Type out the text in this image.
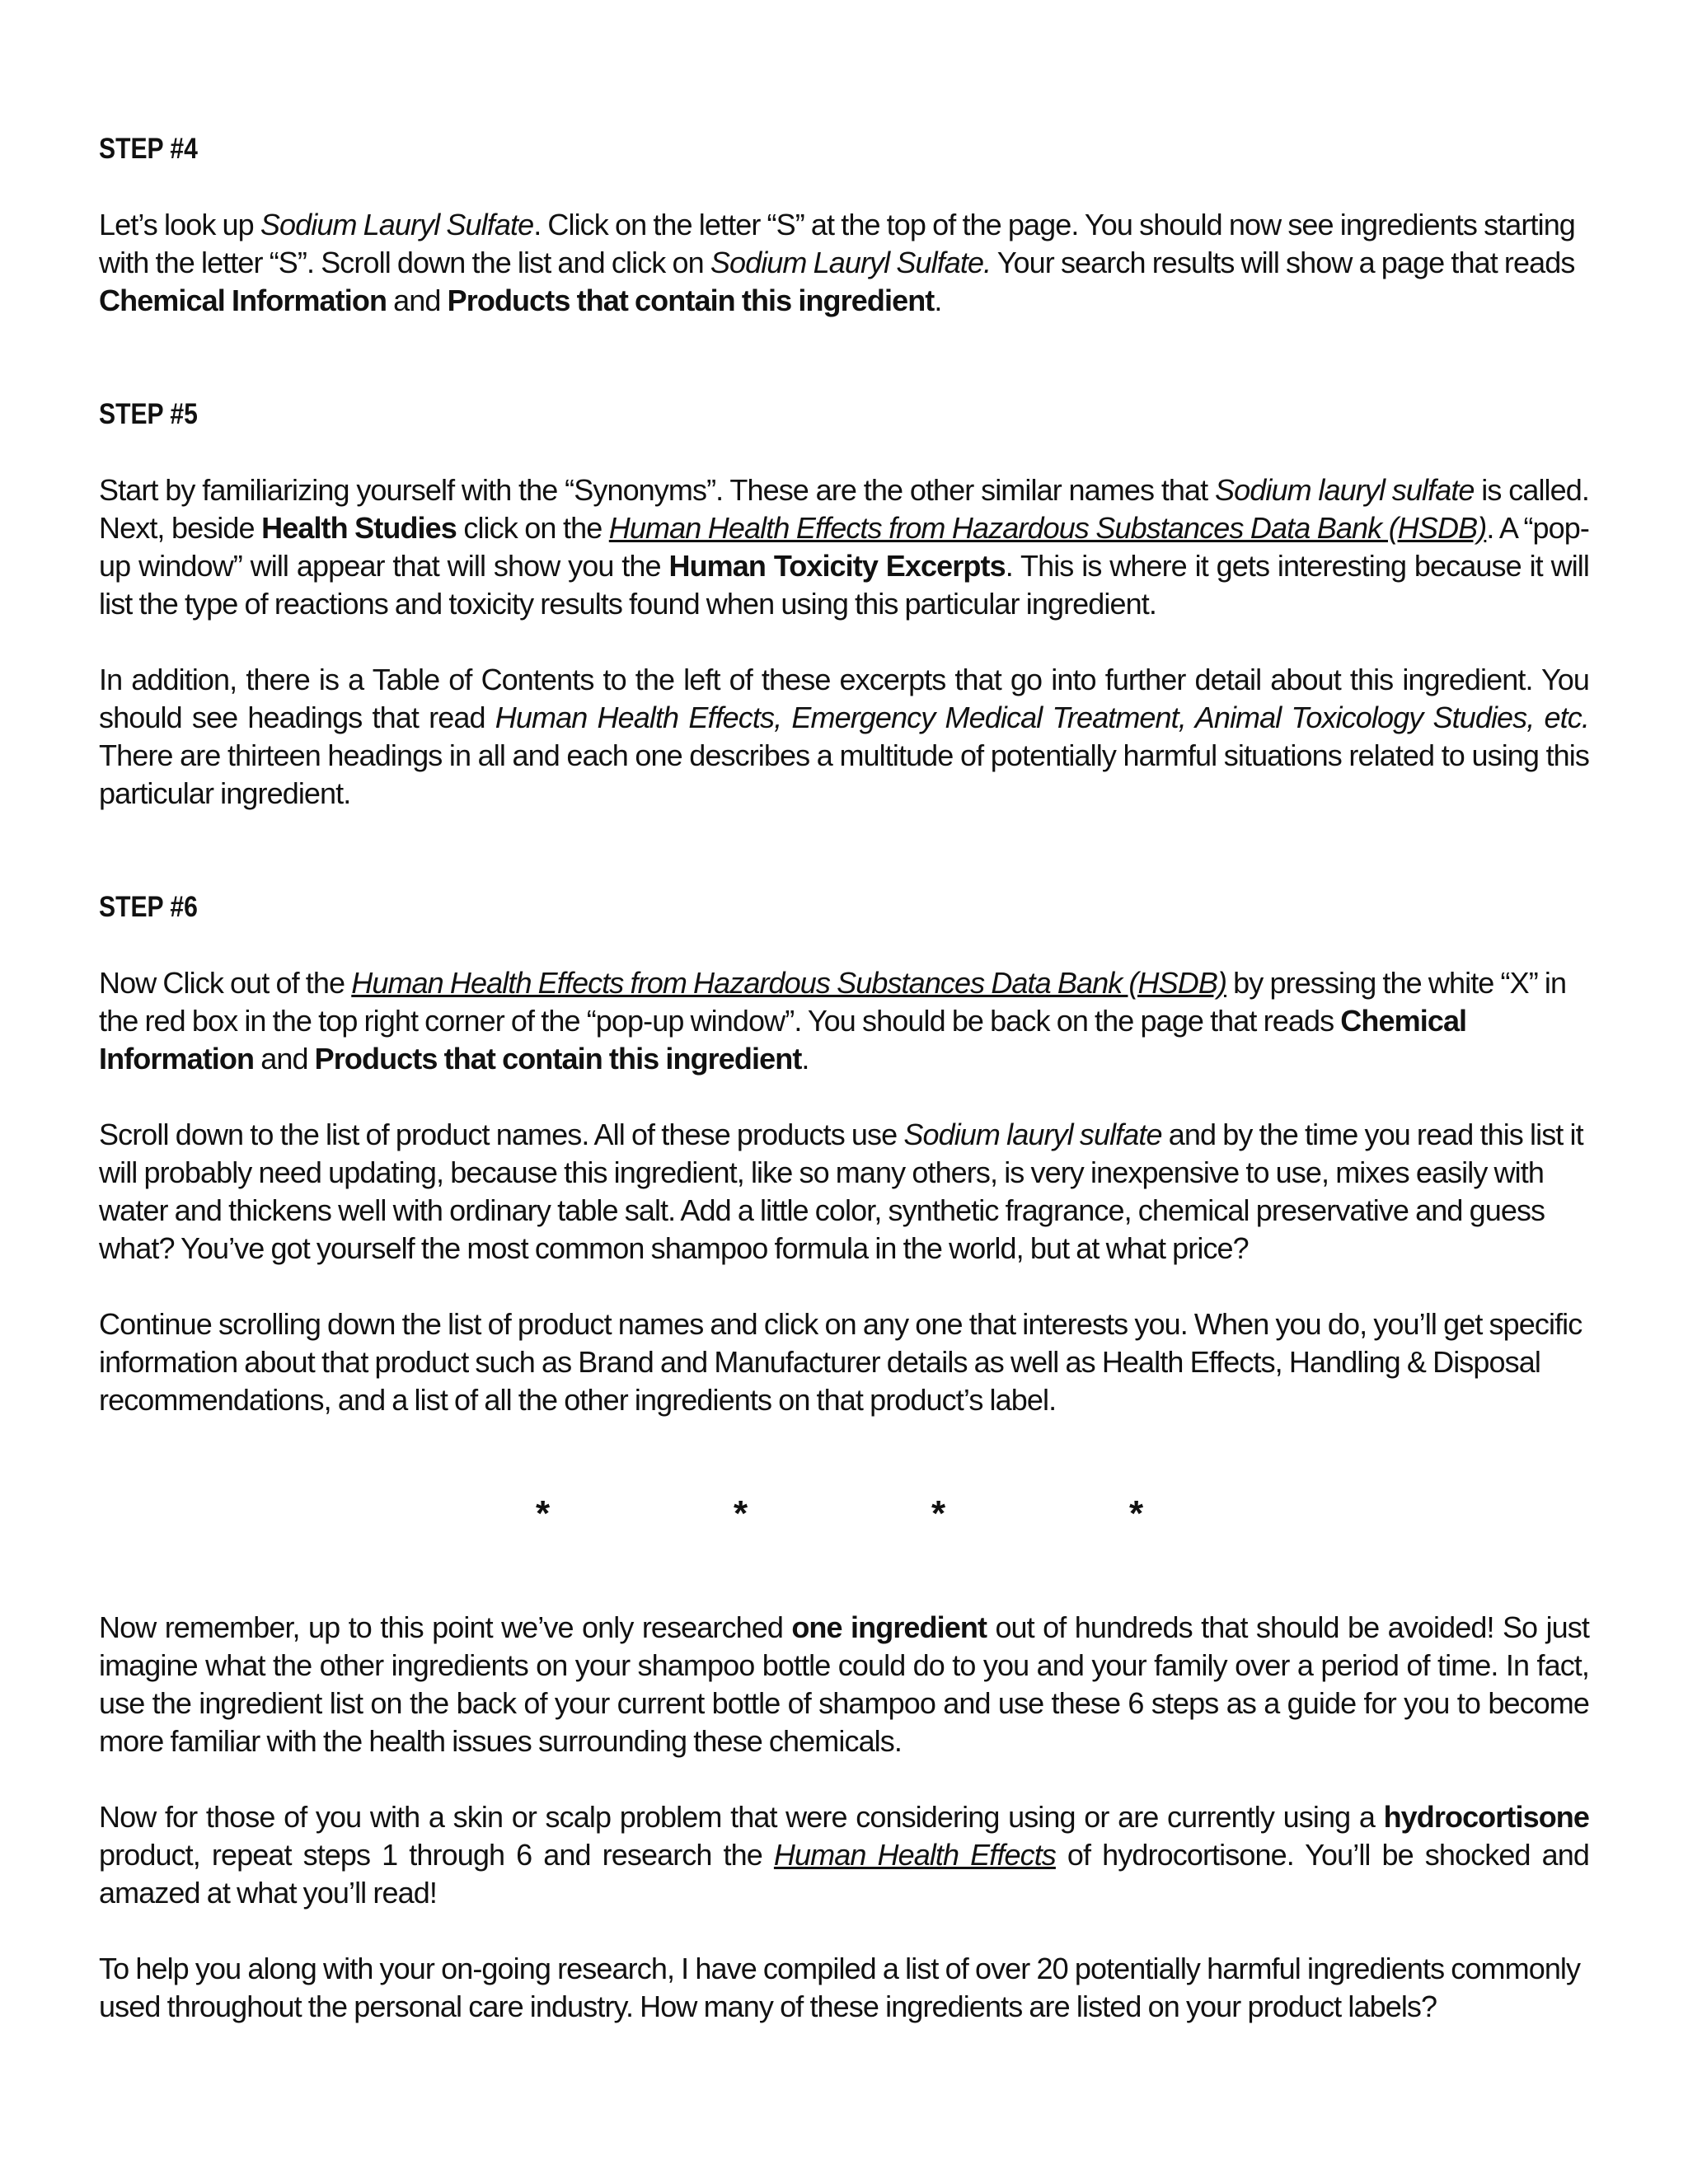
STEP #4

Let’s look up Sodium Lauryl Sulfate. Click on the letter “S” at the top of the page. You should now see ingredients starting with the letter “S”. Scroll down the list and click on Sodium Lauryl Sulfate. Your search results will show a page that reads Chemical Information and Products that contain this ingredient.

STEP #5

Start by familiarizing yourself with the “Synonyms”. These are the other similar names that Sodium lauryl sulfate is called. Next, beside Health Studies click on the Human Health Effects from Hazardous Substances Data Bank (HSDB). A “pop-up window” will appear that will show you the Human Toxicity Excerpts. This is where it gets interesting because it will list the type of reactions and toxicity results found when using this particular ingredient.

In addition, there is a Table of Contents to the left of these excerpts that go into further detail about this ingredient. You should see headings that read Human Health Effects, Emergency Medical Treatment, Animal Toxicology Studies, etc. There are thirteen headings in all and each one describes a multitude of potentially harmful situations related to using this particular ingredient.

STEP #6

Now Click out of the Human Health Effects from Hazardous Substances Data Bank (HSDB) by pressing the white “X” in the red box in the top right corner of the “pop-up window”. You should be back on the page that reads Chemical Information and Products that contain this ingredient.

Scroll down to the list of product names. All of these products use Sodium lauryl sulfate and by the time you read this list it will probably need updating, because this ingredient, like so many others, is very inexpensive to use, mixes easily with water and thickens well with ordinary table salt. Add a little color, synthetic fragrance, chemical preservative and guess what? You’ve got yourself the most common shampoo formula in the world, but at what price?

Continue scrolling down the list of product names and click on any one that interests you. When you do, you’ll get specific information about that product such as Brand and Manufacturer details as well as Health Effects, Handling & Disposal recommendations, and a list of all the other ingredients on that product’s label.

*	*	*	*

Now remember, up to this point we’ve only researched one ingredient out of hundreds that should be avoided! So just imagine what the other ingredients on your shampoo bottle could do to you and your family over a period of time. In fact, use the ingredient list on the back of your current bottle of shampoo and use these 6 steps as a guide for you to become more familiar with the health issues surrounding these chemicals.

Now for those of you with a skin or scalp problem that were considering using or are currently using a hydrocortisone product, repeat steps 1 through 6 and research the Human Health Effects of hydrocortisone. You’ll be shocked and amazed at what you’ll read!

To help you along with your on-going research, I have compiled a list of over 20 potentially harmful ingredients commonly used throughout the personal care industry. How many of these ingredients are listed on your product labels?
